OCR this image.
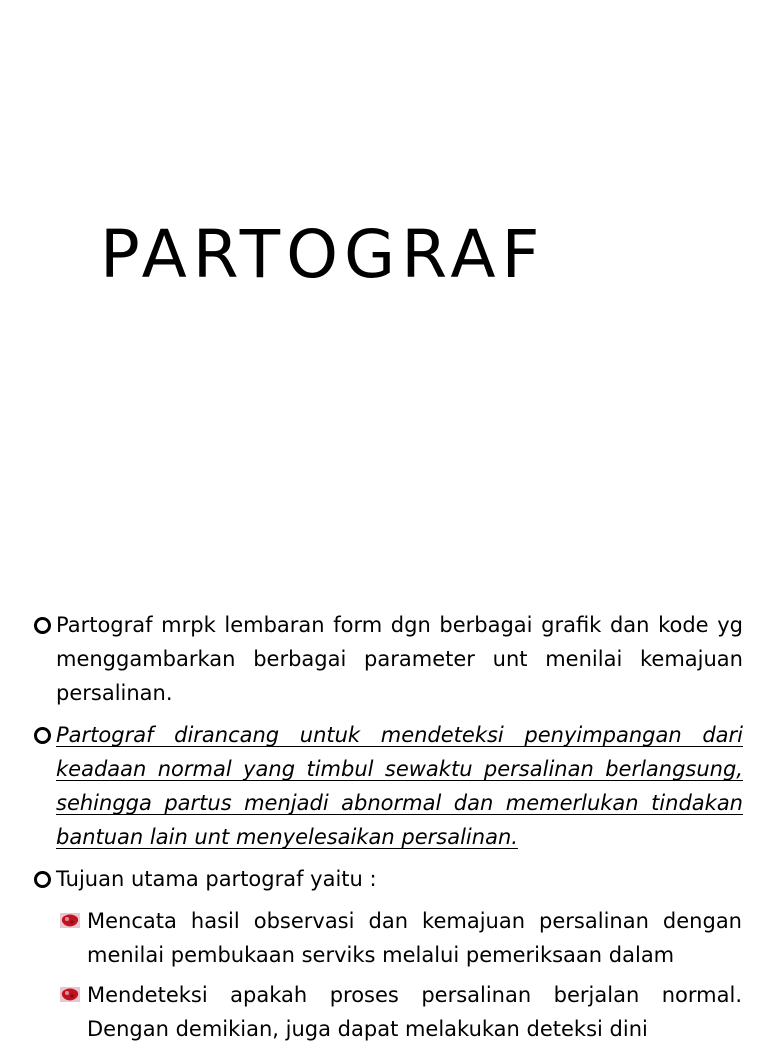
PARTOGRAF
Partograf mrpk lembaran form dgn berbagai grafik dan kode yg menggambarkan berbagai parameter unt menilai kemajuan persalinan.
Partograf dirancang untuk mendeteksi penyimpangan dari keadaan normal yang timbul sewaktu persalinan berlangsung, sehingga partus menjadi abnormal dan memerlukan tindakan bantuan lain unt menyelesaikan persalinan.
Tujuan utama partograf yaitu :
Mencata hasil observasi dan kemajuan persalinan dengan menilai pembukaan serviks melalui pemeriksaan dalam
Mendeteksi apakah proses persalinan berjalan normal. Dengan demikian, juga dapat melakukan deteksi dini
